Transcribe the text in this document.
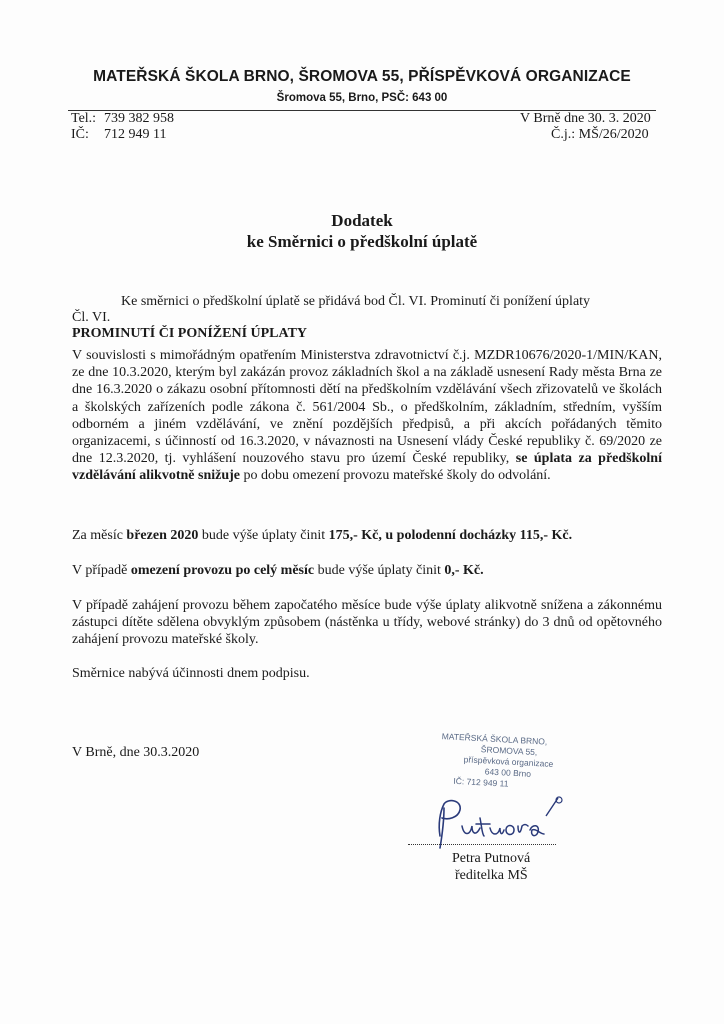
MATEŘSKÁ ŠKOLA BRNO, ŠROMOVA 55, PŘÍSPĚVKOVÁ ORGANIZACE
Šromova 55, Brno, PSČ: 643 00
Tel.: 739 382 958
IČ: 712 949 11
V Brně dne 30. 3. 2020
Č.j.: MŠ/26/2020
Dodatek
ke Směrnici o předškolní úplatě
Ke směrnici o předškolní úplatě se přidává bod Čl. VI. Prominutí či ponížení úplaty
Čl. VI.
PROMINUTÍ ČI PONÍŽENÍ ÚPLATY

V souvislosti s mimořádným opatřením Ministerstva zdravotnictví č.j. MZDR10676/2020-1/MIN/KAN, ze dne 10.3.2020, kterým byl zakázán provoz základních škol a na základě usnesení Rady města Brna ze dne 16.3.2020 o zákazu osobní přítomnosti dětí na předškolním vzdělávání všech zřizovatelů ve školách a školských zařízeních podle zákona č. 561/2004 Sb., o předškolním, základním, středním, vyšším odborném a jiném vzdělávání, ve znění pozdějších předpisů, a při akcích pořádaných těmito organizacemi, s účinností od 16.3.2020, v návaznosti na Usnesení vlády České republiky č. 69/2020 ze dne 12.3.2020, tj. vyhlášení nouzového stavu pro území České republiky, se úplata za předškolní vzdělávání alikvotně snižuje po dobu omezení provozu mateřské školy do odvolání.

Za měsíc březen 2020 bude výše úplaty činit 175,- Kč, u polodenní docházky 115,- Kč.

V případě omezení provozu po celý měsíc bude výše úplaty činit 0,- Kč.

V případě zahájení provozu během započatého měsíce bude výše úplaty alikvotně snížena a zákonnému zástupci dítěte sdělena obvyklým způsobem (nástěnka u třídy, webové stránky) do 3 dnů od opětovného zahájení provozu mateřské školy.

Směrnice nabývá účinnosti dnem podpisu.

V Brně, dne 30.3.2020
MATEŘSKÁ ŠKOLA BRNO,
ŠROMOVA 55,
příspěvková organizace
643 00 Brno
IČ: 712 949 11
Petra Putnová
ředitelka MŠ
